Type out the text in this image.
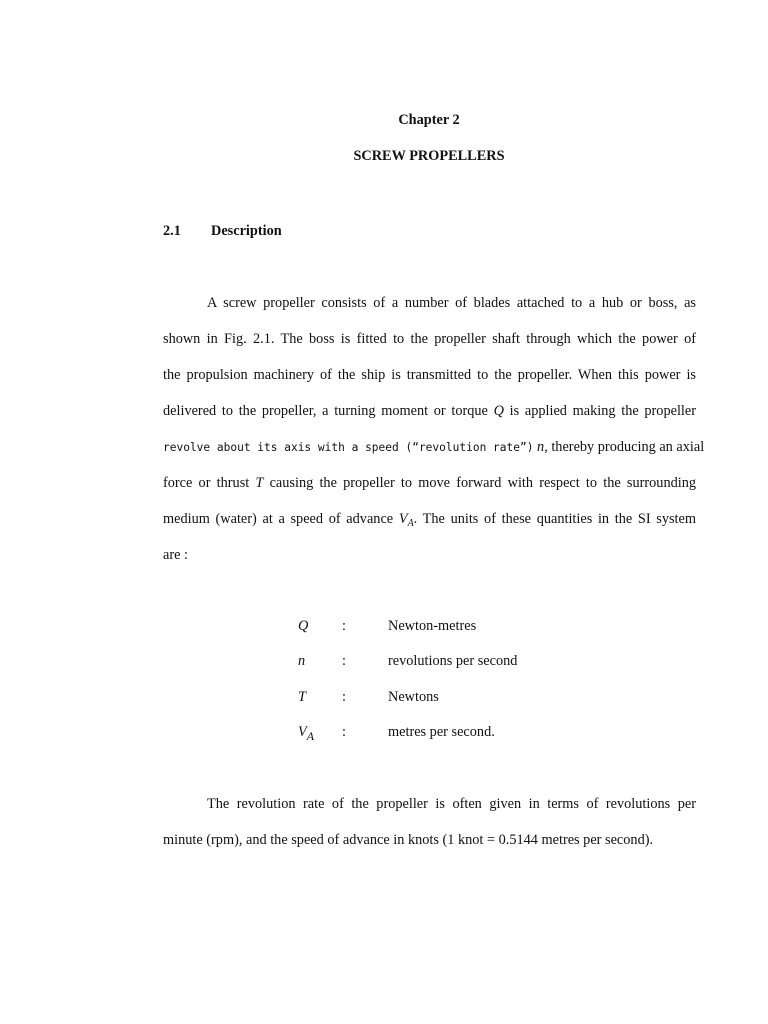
Chapter 2
SCREW PROPELLERS
2.1 Description
A screw propeller consists of a number of blades attached to a hub or boss, as
shown in Fig. 2.1. The boss is fitted to the propeller shaft through which the power of
the propulsion machinery of the ship is transmitted to the propeller. When this power is
delivered to the propeller, a turning moment or torque Q is applied making the propeller
revolve about its axis with a speed (“revolution rate”) n, thereby producing an axial
force or thrust T causing the propeller to move forward with respect to the surrounding
medium (water) at a speed of advance $V_A$. The units of these quantities in the SI system
are :
Q :	Newton-metres
n	:	revolutions per second
T	:	Newtons
$V_A$ :	metres per second.
The revolution rate of the propeller is often given in terms of revolutions per
minute (rpm), and the speed of advance in knots (1 knot = 0.5144 metres per second).
